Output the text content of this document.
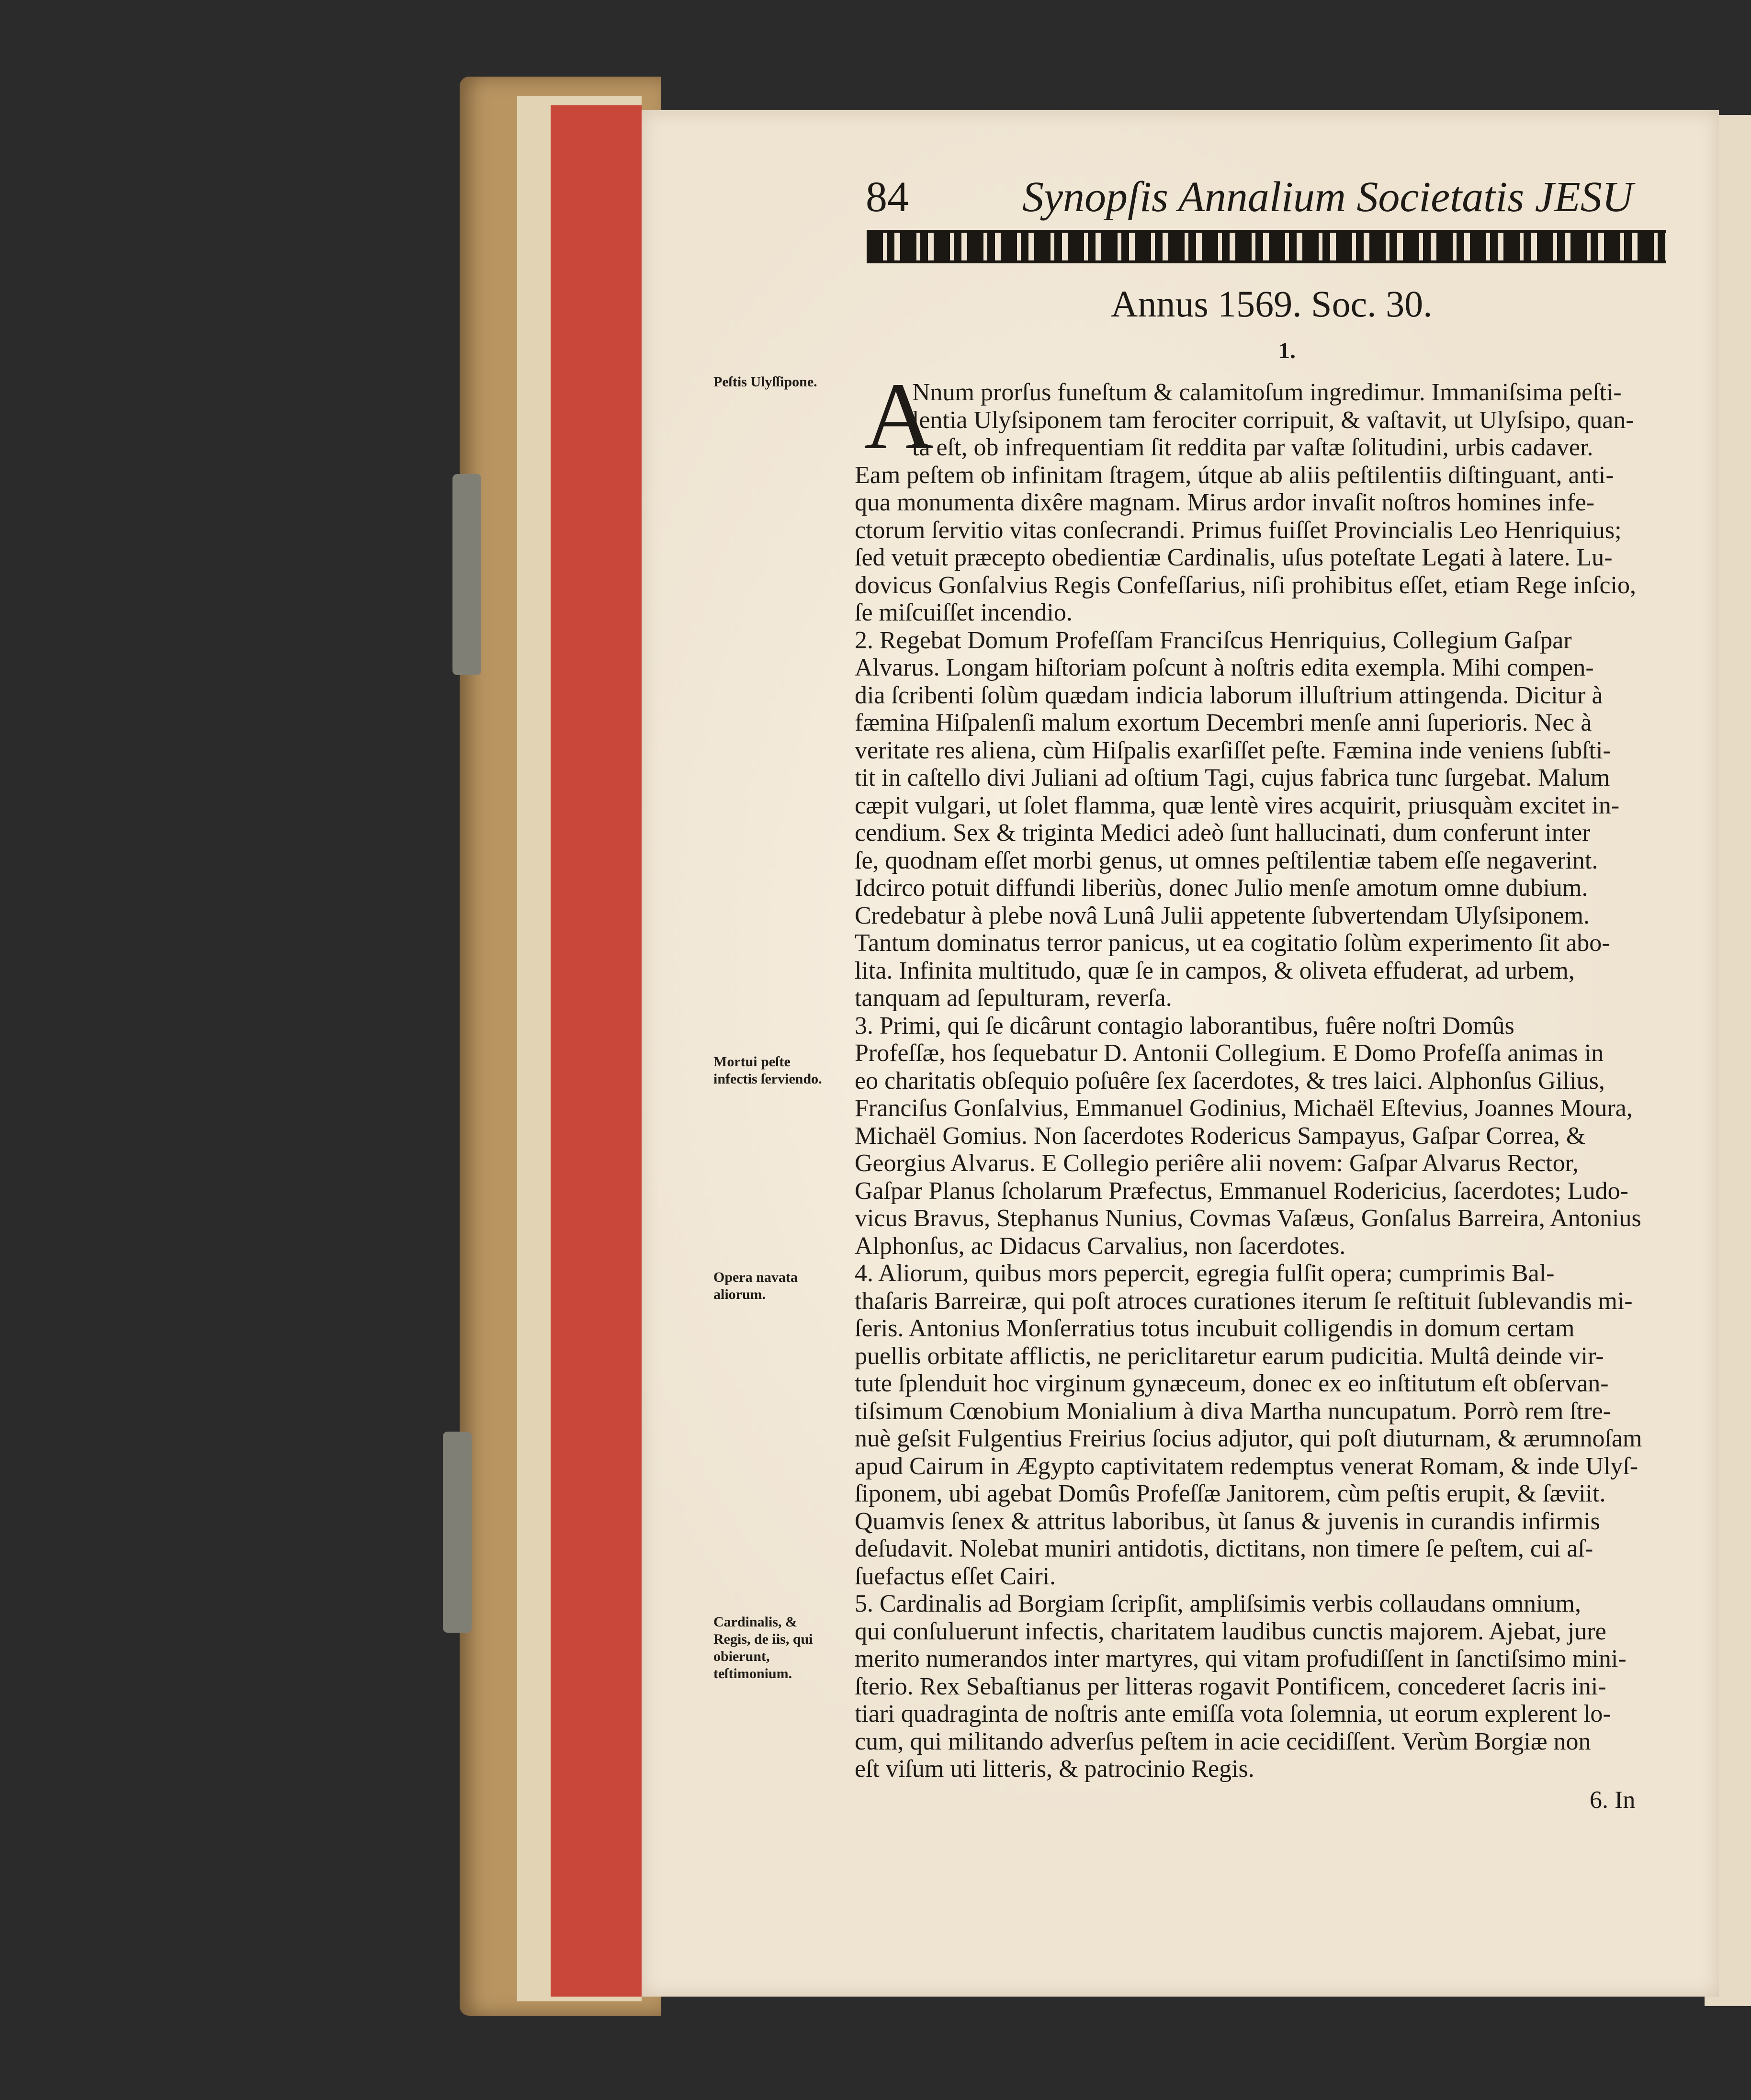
84	Synopſis Annalium Societatis JESU
Annus 1569. Soc. 30.
1.
A
Peſtis Ulyſſipone.
Mortui peſte infectis ſerviendo.
Opera navata aliorum.
Cardinalis, & Regis, de iis, qui obierunt, teſtimonium.
Nnum prorſus funeſtum & calamitoſum ingredimur. Immaniſsima peſti-
lentia Ulyſsiponem tam ferociter corripuit, & vaſtavit, ut Ulyſsipo, quan-
ta eſt, ob infrequentiam ſit reddita par vaſtæ ſolitudini, urbis cadaver.
Eam peſtem ob infinitam ſtragem, útque ab aliis peſtilentiis diſtinguant, anti-
qua monumenta dixêre magnam. Mirus ardor invaſit noſtros homines infe-
ctorum ſervitio vitas conſecrandi. Primus fuiſſet Provincialis Leo Henriquius;
ſed vetuit præcepto obedientiæ Cardinalis, uſus poteſtate Legati à latere. Lu-
dovicus Gonſalvius Regis Confeſſarius, niſi prohibitus eſſet, etiam Rege inſcio,
ſe miſcuiſſet incendio.
2. Regebat Domum Profeſſam Franciſcus Henriquius, Collegium Gaſpar
Alvarus. Longam hiſtoriam poſcunt à noſtris edita exempla. Mihi compen-
dia ſcribenti ſolùm quædam indicia laborum illuſtrium attingenda. Dicitur à
fæmina Hiſpalenſi malum exortum Decembri menſe anni ſuperioris. Nec à
veritate res aliena, cùm Hiſpalis exarſiſſet peſte. Fæmina inde veniens ſubſti-
tit in caſtello divi Juliani ad oſtium Tagi, cujus fabrica tunc ſurgebat. Malum
cæpit vulgari, ut ſolet flamma, quæ lentè vires acquirit, priusquàm excitet in-
cendium. Sex & triginta Medici adeò ſunt hallucinati, dum conferunt inter
ſe, quodnam eſſet morbi genus, ut omnes peſtilentiæ tabem eſſe negaverint.
Idcirco potuit diffundi liberiùs, donec Julio menſe amotum omne dubium.
Credebatur à plebe novâ Lunâ Julii appetente ſubvertendam Ulyſsiponem.
Tantum dominatus terror panicus, ut ea cogitatio ſolùm experimento ſit abo-
lita. Infinita multitudo, quæ ſe in campos, & oliveta effuderat, ad urbem,
tanquam ad ſepulturam, reverſa.
3. Primi, qui ſe dicârunt contagio laborantibus, fuêre noſtri Domûs
Profeſſæ, hos ſequebatur D. Antonii Collegium. E Domo Profeſſa animas in
eo charitatis obſequio poſuêre ſex ſacerdotes, & tres laici. Alphonſus Gilius,
Franciſus Gonſalvius, Emmanuel Godinius, Michaël Eſtevius, Joannes Moura,
Michaël Gomius. Non ſacerdotes Rodericus Sampayus, Gaſpar Correa, &
Georgius Alvarus. E Collegio periêre alii novem: Gaſpar Alvarus Rector,
Gaſpar Planus ſcholarum Præfectus, Emmanuel Rodericius, ſacerdotes; Ludo-
vicus Bravus, Stephanus Nunius, Covmas Vaſæus, Gonſalus Barreira, Antonius
Alphonſus, ac Didacus Carvalius, non ſacerdotes.
4. Aliorum, quibus mors pepercit, egregia fulſit opera; cumprimis Bal-
thaſaris Barreiræ, qui poſt atroces curationes iterum ſe reſtituit ſublevandis mi-
ſeris. Antonius Monſerratius totus incubuit colligendis in domum certam
puellis orbitate afflictis, ne periclitaretur earum pudicitia. Multâ deinde vir-
tute ſplenduit hoc virginum gynæceum, donec ex eo inſtitutum eſt obſervan-
tiſsimum Cœnobium Monialium à diva Martha nuncupatum. Porrò rem ſtre-
nuè geſsit Fulgentius Freirius ſocius adjutor, qui poſt diuturnam, & ærumnoſam
apud Cairum in Ægypto captivitatem redemptus venerat Romam, & inde Ulyſ-
ſiponem, ubi agebat Domûs Profeſſæ Janitorem, cùm peſtis erupit, & ſæviit.
Quamvis ſenex & attritus laboribus, ùt ſanus & juvenis in curandis infirmis
deſudavit. Nolebat muniri antidotis, dictitans, non timere ſe peſtem, cui aſ-
ſuefactus eſſet Cairi.
5. Cardinalis ad Borgiam ſcripſit, ampliſsimis verbis collaudans omnium,
qui conſuluerunt infectis, charitatem laudibus cunctis majorem. Ajebat, jure
merito numerandos inter martyres, qui vitam profudiſſent in ſanctiſsimo mini-
ſterio. Rex Sebaſtianus per litteras rogavit Pontificem, concederet ſacris ini-
tiari quadraginta de noſtris ante emiſſa vota ſolemnia, ut eorum explerent lo-
cum, qui militando adverſus peſtem in acie cecidiſſent. Verùm Borgiæ non
eſt viſum uti litteris, & patrocinio Regis.
6. In
